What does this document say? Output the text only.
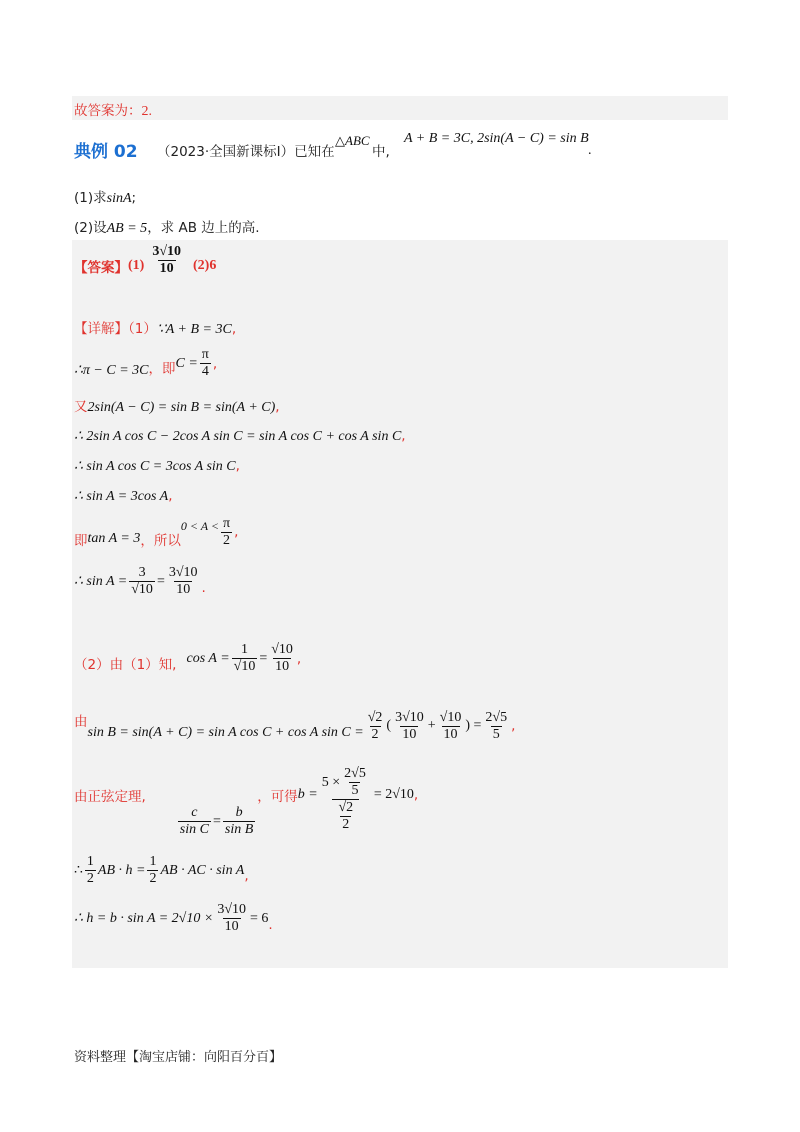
故答案为：2.
典例 02 （2023·全国新课标Ⅰ）已知在
△ABC
中,
A + B = 3C, 2sin(A − C) = sin B
.
(1)求sinA;
(2)设AB = 5，求 AB 边上的高.
【答案】 $(1) \frac{3√10}{10} (2)6$
【详解】（1）∵A + B = 3C,
∴π − C = 3C ，即 $C = \frac{\pi}{4}$ ,
又2sin(A − C) = sin B = sin(A + C),
∴ 2sin A cos C − 2cos A sin C = sin A cos C + cos A sin C,
∴ sin A cos C = 3cos A sin C,
∴ sin A = 3cos A,
即 tan A = 3 ，所以
$0 < A < \frac{\pi}{2}$ ,
∴ $\sin A = \frac{3}{√10} = \frac{3√10}{10}$ .
（2）由（1）知, $\cos A = \frac{1}{√10} = \frac{√10}{10}$ ,
由
sin B = sin(A + C) = sin A cos C + cos A $\sin C = \frac{√2}{2}$ ( $\frac{3√10}{10} + \frac{√10}{10}$ ) = $\frac{2√5}{5}$ ,
由正弦定理,
$\frac{c}{\text{sin C}} = \frac{b}{\text{sin B}}$
，可得 $b = \frac{5 \times \frac{2√5}{5}}{\frac{√2}{2}} = 2√10$ ,
∴ $\frac{1}{2}$ AB · $h = \frac{1}{2}$ AB · AC · sin A ,
∴ $h = b \cdot \sin A = 2√10 \times \frac{3√10}{10} = 6$ .
资料整理【淘宝店铺：向阳百分百】
